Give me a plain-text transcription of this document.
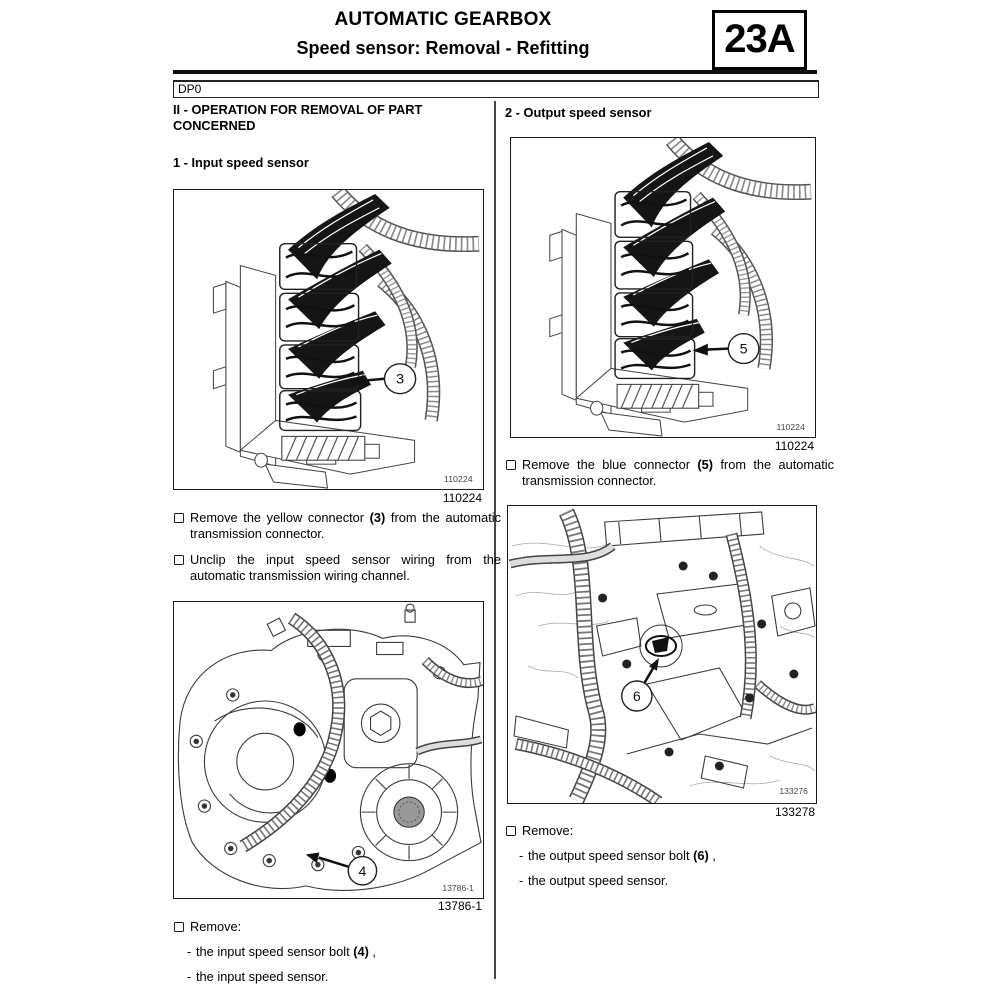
AUTOMATIC GEARBOX
Speed sensor: Removal - Refitting	23A
DP0
II - OPERATION FOR REMOVAL OF PART CONCERNED
1 - Input speed sensor
3
110224
110224
Remove the yellow connector (3) from the automatic transmission connector.
Unclip the input speed sensor wiring from the automatic transmission wiring channel.
4
13786-1
13786-1
Remove:
- the input speed sensor bolt (4) ,
- the input speed sensor.
2 - Output speed sensor
5
110224
110224
Remove the blue connector (5) from the automatic transmission connector.
6
133276
133278
Remove:
- the output speed sensor bolt (6) ,
- the output speed sensor.
